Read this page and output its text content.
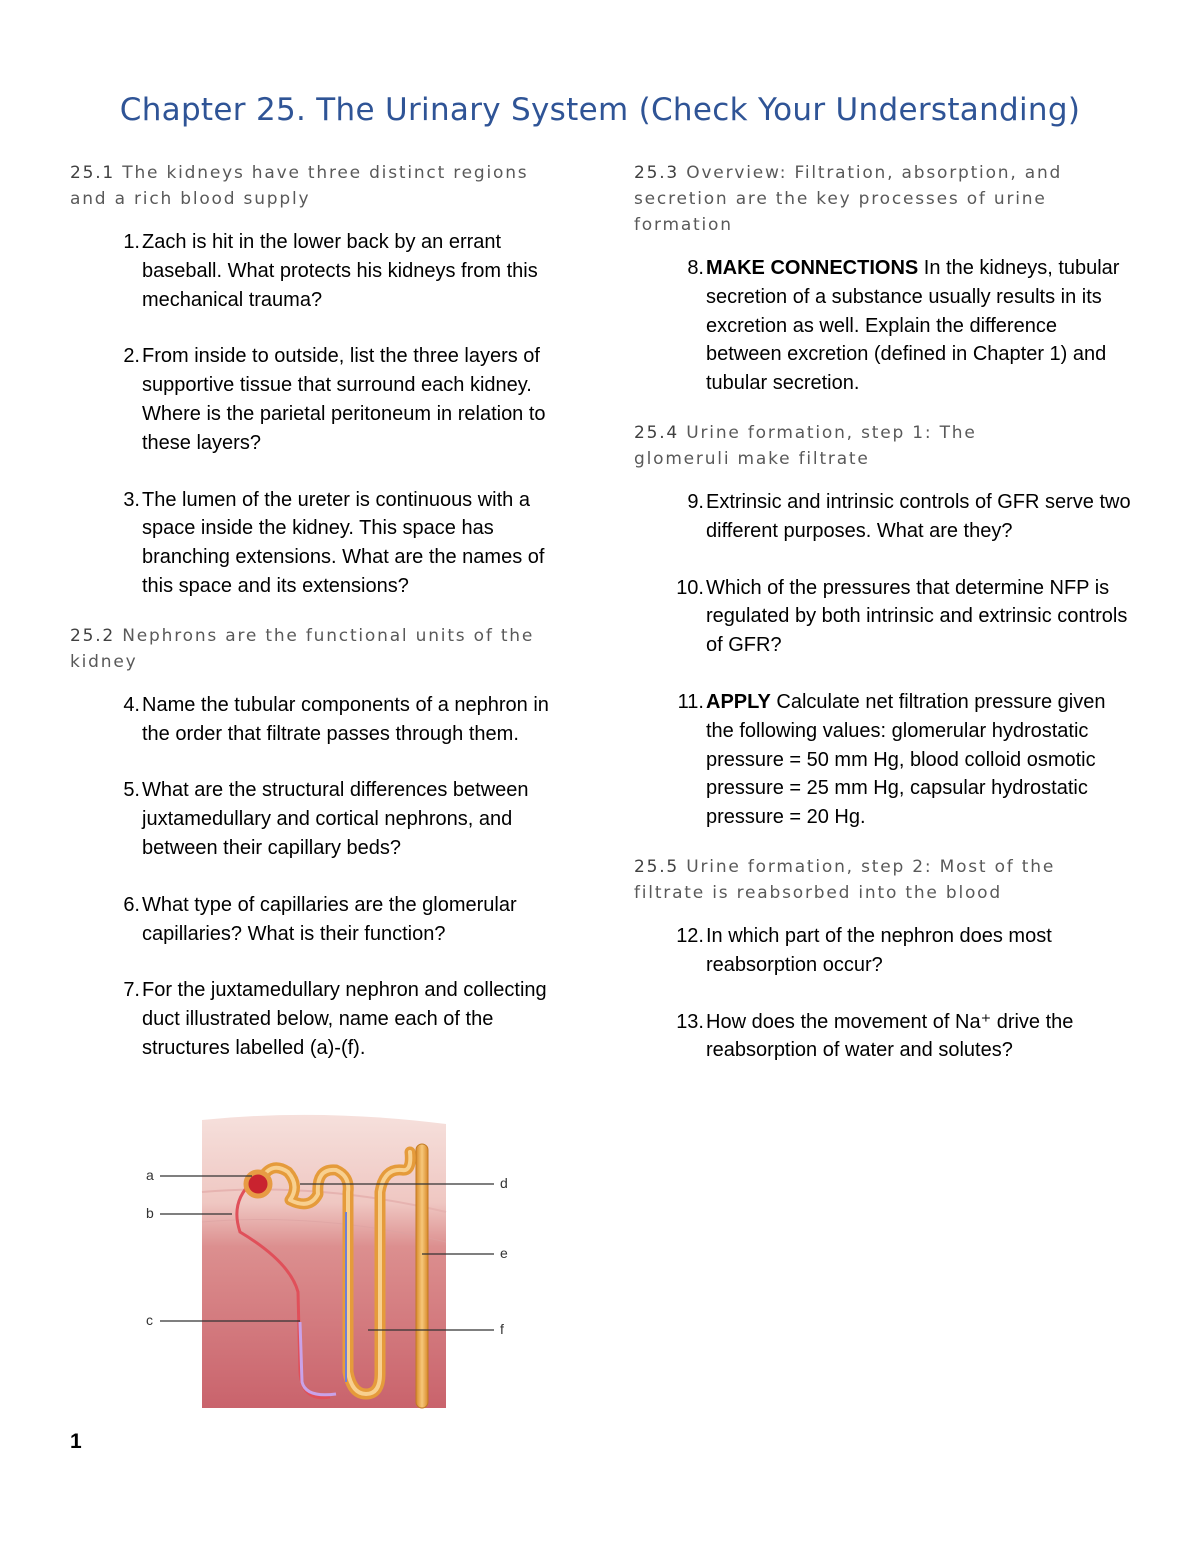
Chapter 25. The Urinary System (Check Your Understanding)
25.1 The kidneys have three distinct regions and a rich blood supply
1. Zach is hit in the lower back by an errant baseball. What protects his kidneys from this mechanical trauma?
2. From inside to outside, list the three layers of supportive tissue that surround each kidney. Where is the parietal peritoneum in relation to these layers?
3. The lumen of the ureter is continuous with a space inside the kidney. This space has branching extensions. What are the names of this space and its extensions?
25.2 Nephrons are the functional units of the kidney
4. Name the tubular components of a nephron in the order that filtrate passes through them.
5. What are the structural differences between juxtamedullary and cortical nephrons, and between their capillary beds?
6. What type of capillaries are the glomerular capillaries? What is their function?
7. For the juxtamedullary nephron and collecting duct illustrated below, name each of the structures labelled (a)-(f).
25.3 Overview: Filtration, absorption, and secretion are the key processes of urine formation
8. MAKE CONNECTIONS In the kidneys, tubular secretion of a substance usually results in its excretion as well. Explain the difference between excretion (defined in Chapter 1) and tubular secretion.
25.4 Urine formation, step 1: The glomeruli make filtrate
9. Extrinsic and intrinsic controls of GFR serve two different purposes. What are they?
10. Which of the pressures that determine NFP is regulated by both intrinsic and extrinsic controls of GFR?
11. APPLY Calculate net filtration pressure given the following values: glomerular hydrostatic pressure = 50 mm Hg, blood colloid osmotic pressure = 25 mm Hg, capsular hydrostatic pressure = 20 Hg.
25.5 Urine formation, step 2: Most of the filtrate is reabsorbed into the blood
12. In which part of the nephron does most reabsorption occur?
13. How does the movement of Na⁺ drive the reabsorption of water and solutes?
a
b
c
d
e
f
1
